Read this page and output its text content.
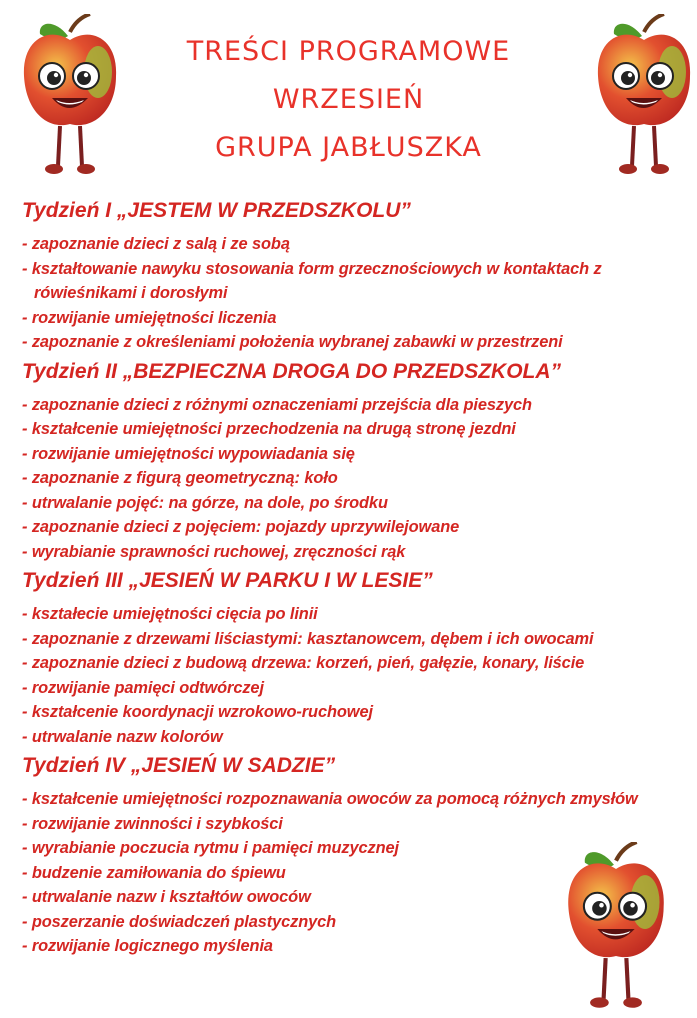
TREŚCI PROGRAMOWE
WRZESIEŃ
GRUPA JABŁUSZKA
Tydzień I „JESTEM W PRZEDSZKOLU”
- zapoznanie dzieci z salą i ze sobą
- kształtowanie nawyku stosowania form grzecznościowych w kontaktach z rówieśnikami i dorosłymi
- rozwijanie umiejętności liczenia
- zapoznanie z określeniami położenia wybranej zabawki w przestrzeni
Tydzień II „BEZPIECZNA DROGA DO PRZEDSZKOLA”
- zapoznanie dzieci z różnymi oznaczeniami przejścia dla pieszych
- kształcenie umiejętności przechodzenia na drugą stronę jezdni
- rozwijanie umiejętności wypowiadania się
- zapoznanie z figurą geometryczną: koło
- utrwalanie pojęć: na górze, na dole, po środku
- zapoznanie dzieci z pojęciem: pojazdy uprzywilejowane
- wyrabianie sprawności ruchowej, zręczności rąk
Tydzień III „JESIEŃ W PARKU I W LESIE”
- kształecie umiejętności cięcia po linii
- zapoznanie z drzewami liściastymi: kasztanowcem, dębem i ich owocami
- zapoznanie dzieci z budową drzewa: korzeń, pień, gałęzie, konary, liście
- rozwijanie pamięci odtwórczej
- kształcenie koordynacji wzrokowo-ruchowej
- utrwalanie nazw kolorów
Tydzień IV „JESIEŃ W SADZIE”
- kształcenie umiejętności rozpoznawania owoców za pomocą różnych zmysłów
- rozwijanie zwinności i szybkości
- wyrabianie poczucia rytmu i pamięci muzycznej
- budzenie zamiłowania do śpiewu
- utrwalanie nazw i kształtów owoców
- poszerzanie doświadczeń plastycznych
- rozwijanie logicznego myślenia
